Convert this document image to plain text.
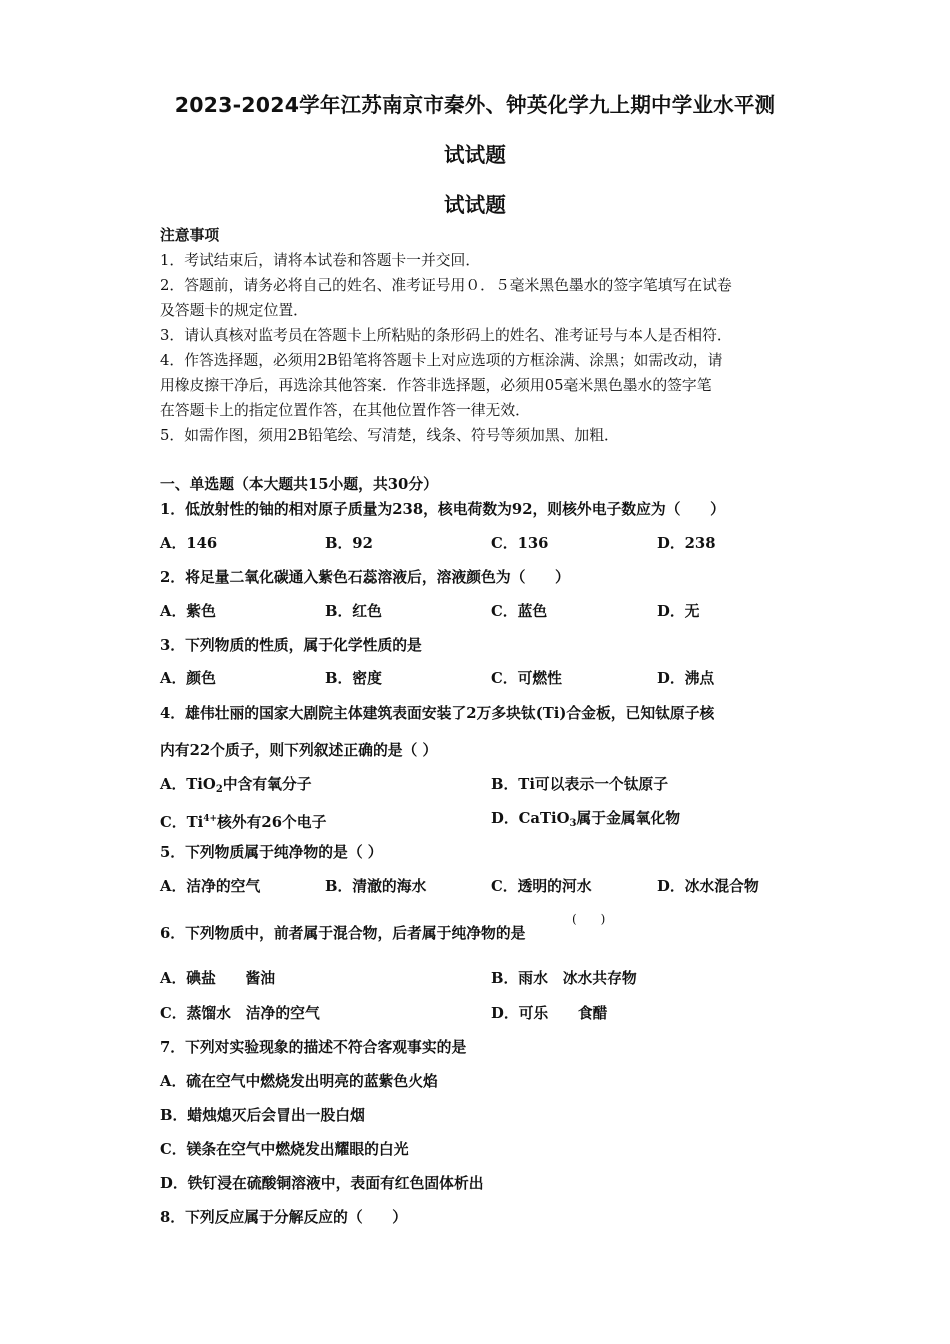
2023-2024学年江苏南京市秦外、钟英化学九上期中学业水平测
试试题
试试题
注意事项
1．考试结束后，请将本试卷和答题卡一并交回．
2．答题前，请务必将自己的姓名、准考证号用０．５毫米黑色墨水的签字笔填写在试卷
及答题卡的规定位置．
3．请认真核对监考员在答题卡上所粘贴的条形码上的姓名、准考证号与本人是否相符．
4．作答选择题，必须用2B铅笔将答题卡上对应选项的方框涂满、涂黑；如需改动，请
用橡皮擦干净后，再选涂其他答案．作答非选择题，必须用05毫米黑色墨水的签字笔
在答题卡上的指定位置作答，在其他位置作答一律无效．
5．如需作图，须用2B铅笔绘、写清楚，线条、符号等须加黑、加粗．
一、单选题（本大题共15小题，共30分）
1．低放射性的铀的相对原子质量为238，核电荷数为92，则核外电子数应为（　　）
A．146	B．92	C．136	D．238
2．将足量二氧化碳通入紫色石蕊溶液后，溶液颜色为（　　）
A．紫色	B．红色	C．蓝色	D．无
3．下列物质的性质，属于化学性质的是
A．颜色	B．密度	C．可燃性	D．沸点
4．雄伟壮丽的国家大剧院主体建筑表面安装了2万多块钛(Ti)合金板，已知钛原子核
内有22个质子，则下列叙述正确的是（ ）
A．TiO$_2$中含有氧分子	B．Ti可以表示一个钛原子
C．$Ti^{4+}$核外有26个电子	D．CaTiO$_3$属于金属氧化物
5．下列物质属于纯净物的是（ ）
A．洁净的空气	B．清澈的海水	C．透明的河水	D．冰水混合物
6．下列物质中，前者属于混合物，后者属于纯净物的是
(　　)
A．碘盐　　酱油	B．雨水　冰水共存物
C．蒸馏水　洁净的空气	D．可乐　　食醋
7．下列对实验现象的描述不符合客观事实的是
A．硫在空气中燃烧发出明亮的蓝紫色火焰
B．蜡烛熄灭后会冒出一股白烟
C．镁条在空气中燃烧发出耀眼的白光
D．铁钉浸在硫酸铜溶液中，表面有红色固体析出
8．下列反应属于分解反应的（　　）
